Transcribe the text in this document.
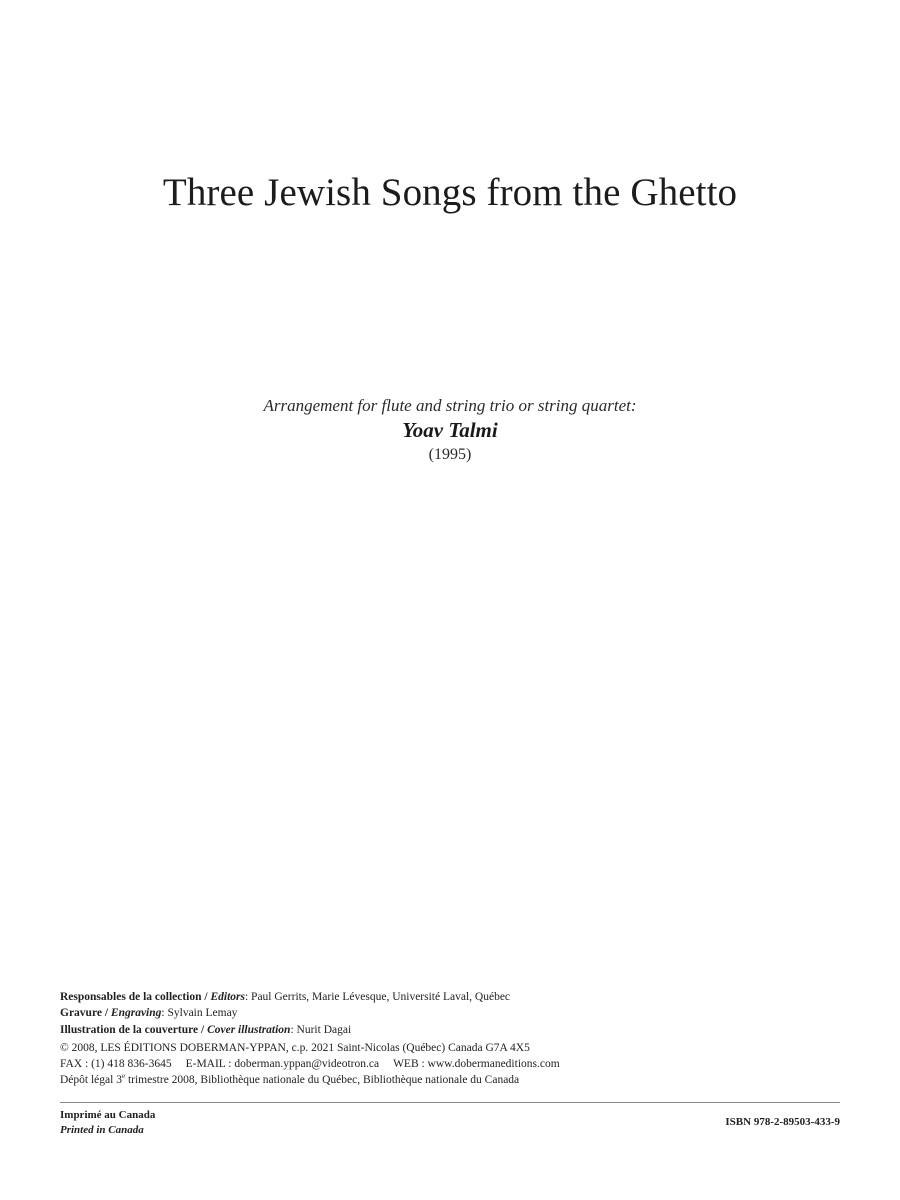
Three Jewish Songs from the Ghetto
Arrangement for flute and string trio or string quartet:
Yoav Talmi
(1995)
Responsables de la collection / Editors: Paul Gerrits, Marie Lévesque, Université Laval, Québec
Gravure / Engraving: Sylvain Lemay
Illustration de la couverture / Cover illustration: Nurit Dagai
© 2008, LES ÉDITIONS DOBERMAN-YPPAN, c.p. 2021 Saint-Nicolas (Québec) Canada G7A 4X5
FAX : (1) 418 836-3645 E-MAIL : doberman.yppan@videotron.ca WEB : www.dobermaneditions.com
Dépôt légal 3e trimestre 2008, Bibliothèque nationale du Québec, Bibliothèque nationale du Canada
Imprimé au Canada
Printed in Canada
ISBN 978-2-89503-433-9
